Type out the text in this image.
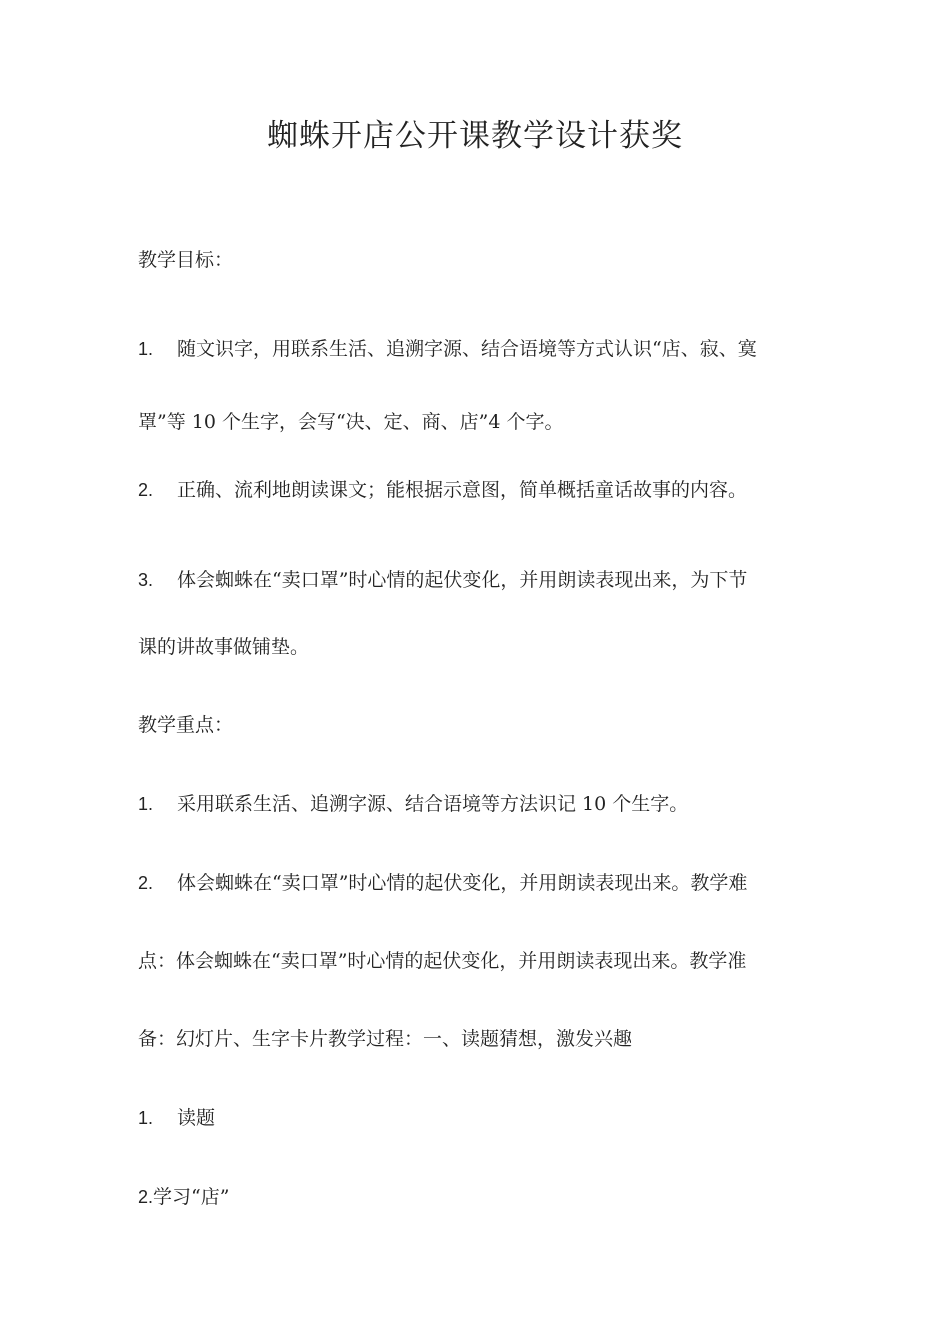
蜘蛛开店公开课教学设计获奖

教学目标：

1. 随文识字，用联系生活、追溯字源、结合语境等方式认识“店、寂、寞

罩”等 10 个生字，会写“决、定、商、店”4 个字。

2. 正确、流利地朗读课文；能根据示意图，简单概括童话故事的内容。

3. 体会蜘蛛在“卖口罩”时心情的起伏变化，并用朗读表现出来，为下节

课的讲故事做铺垫。

教学重点：

1. 采用联系生活、追溯字源、结合语境等方法识记 10 个生字。

2. 体会蜘蛛在“卖口罩”时心情的起伏变化，并用朗读表现出来。教学难

点：体会蜘蛛在“卖口罩”时心情的起伏变化，并用朗读表现出来。教学准

备：幻灯片、生字卡片教学过程：一、读题猜想，激发兴趣

1. 读题

2.学习“店”
